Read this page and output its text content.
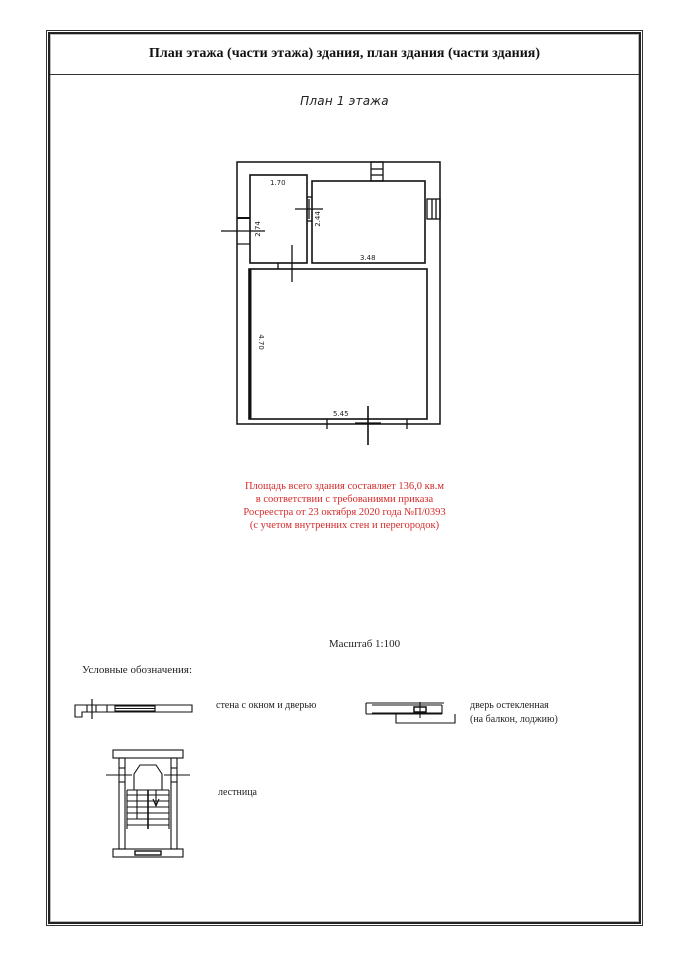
План этажа (части этажа) здания, план здания (части здания)
План 1 этажа
1.70
2.74
2.44
3.48
4.70
5.45
Площадь всего здания составляет 136,0 кв.м
в соответствии с требованиями приказа
Росреестра от 23 октября 2020 года №П/0393
(с учетом внутренних стен и перегородок)
Масштаб 1:100
Условные обозначения:
стена с окном и дверью	дверь остекленная
(на балкон, лоджию)
лестница
